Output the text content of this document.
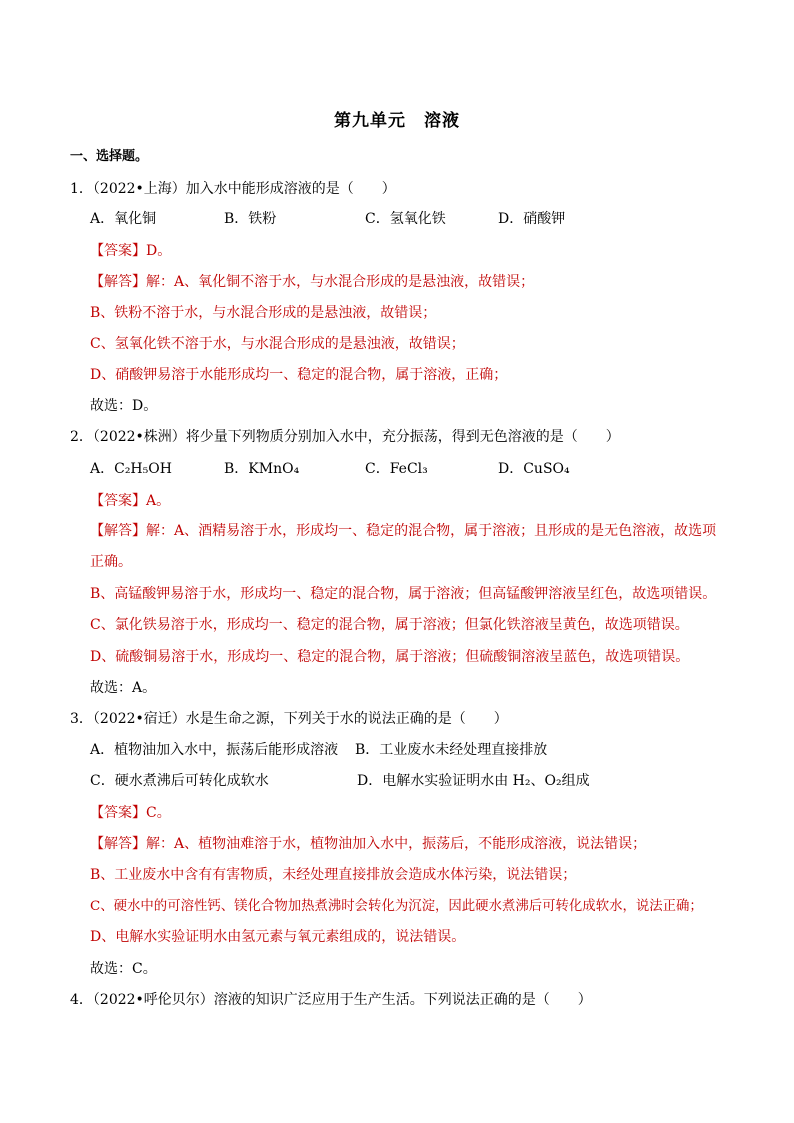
第九单元　溶液
一、选择题。
1．（2022•上海）加入水中能形成溶液的是（　　）
A．氧化铜	B．铁粉	C．氢氧化铁	D．硝酸钾
【答案】D。
【解答】解：A、氧化铜不溶于水，与水混合形成的是悬浊液，故错误；
B、铁粉不溶于水，与水混合形成的是悬浊液，故错误；
C、氢氧化铁不溶于水，与水混合形成的是悬浊液，故错误；
D、硝酸钾易溶于水能形成均一、稳定的混合物，属于溶液，正确；
故选：D。
2．（2022•株洲）将少量下列物质分别加入水中，充分振荡，得到无色溶液的是（　　）
A．C₂H₅OH	B．KMnO₄	C．FeCl₃	D．CuSO₄
【答案】A。
【解答】解：A、酒精易溶于水，形成均一、稳定的混合物，属于溶液；且形成的是无色溶液，故选项
正确。
B、高锰酸钾易溶于水，形成均一、稳定的混合物，属于溶液；但高锰酸钾溶液呈红色，故选项错误。
C、氯化铁易溶于水，形成均一、稳定的混合物，属于溶液；但氯化铁溶液呈黄色，故选项错误。
D、硫酸铜易溶于水，形成均一、稳定的混合物，属于溶液；但硫酸铜溶液呈蓝色，故选项错误。
故选：A。
3．（2022•宿迁）水是生命之源，下列关于水的说法正确的是（　　）
A．植物油加入水中，振荡后能形成溶液 B．工业废水未经处理直接排放
C．硬水煮沸后可转化成软水	D．电解水实验证明水由 H₂、O₂组成
【答案】C。
【解答】解：A、植物油难溶于水，植物油加入水中，振荡后，不能形成溶液，说法错误；
B、工业废水中含有有害物质，未经处理直接排放会造成水体污染，说法错误；
C、硬水中的可溶性钙、镁化合物加热煮沸时会转化为沉淀，因此硬水煮沸后可转化成软水，说法正确；
D、电解水实验证明水由氢元素与氧元素组成的，说法错误。
故选：C。
4．（2022•呼伦贝尔）溶液的知识广泛应用于生产生活。下列说法正确的是（　　）
